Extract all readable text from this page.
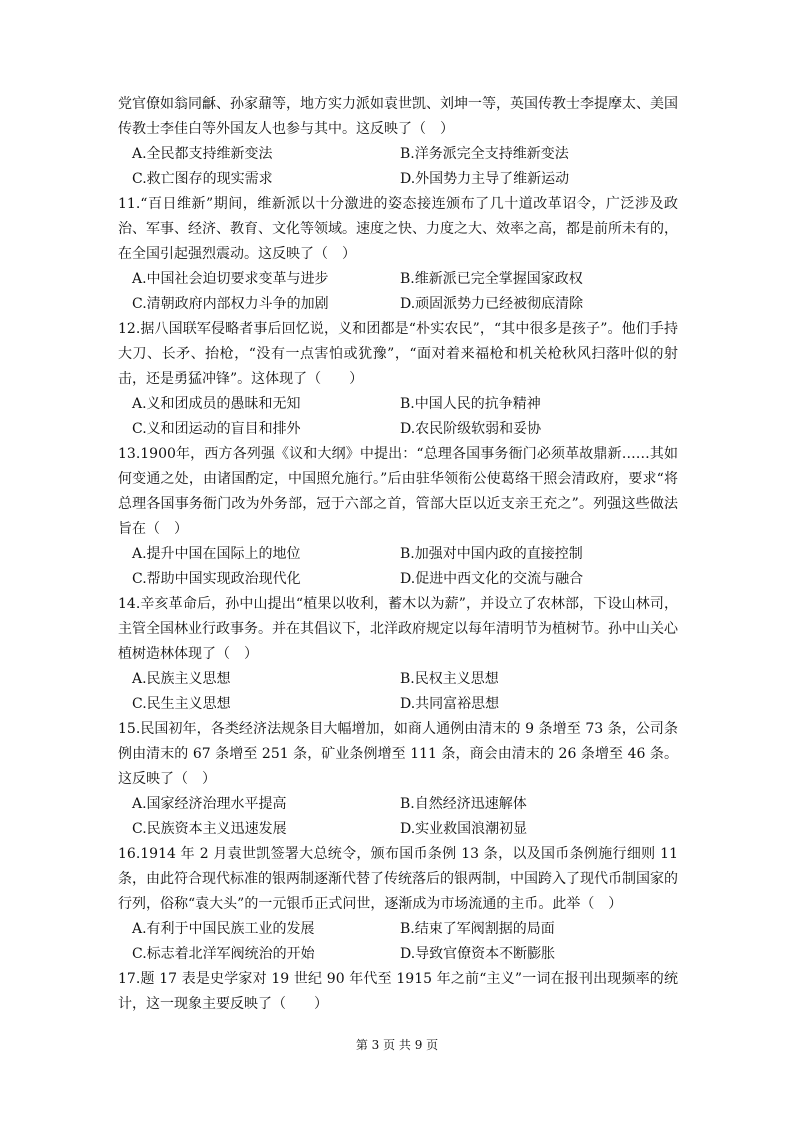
党官僚如翁同龢、孙家鼐等，地方实力派如袁世凯、刘坤一等，英国传教士李提摩太、美国传教士李佳白等外国友人也参与其中。这反映了（　）

A.全民都支持维新变法	B.洋务派完全支持维新变法
C.救亡图存的现实需求	D.外国势力主导了维新运动

11.“百日维新”期间，维新派以十分激进的姿态接连颁布了几十道改革诏令，广泛涉及政治、军事、经济、教育、文化等领域。速度之快、力度之大、效率之高，都是前所未有的，在全国引起强烈震动。这反映了（　）

A.中国社会迫切要求变革与进步	B.维新派已完全掌握国家政权
C.清朝政府内部权力斗争的加剧	D.顽固派势力已经被彻底清除

12.据八国联军侵略者事后回忆说，义和团都是“朴实农民”，“其中很多是孩子”。他们手持大刀、长矛、抬枪，“没有一点害怕或犹豫”，“面对着来福枪和机关枪秋风扫落叶似的射击，还是勇猛冲锋”。这体现了（　　）

A.义和团成员的愚昧和无知	B.中国人民的抗争精神
C.义和团运动的盲目和排外	D.农民阶级软弱和妥协

13.1900年，西方各列强《议和大纲》中提出：“总理各国事务衙门必须革故鼎新……其如何变通之处，由诸国酌定，中国照允施行。”后由驻华领衔公使葛络干照会清政府，要求“将总理各国事务衙门改为外务部，冠于六部之首，管部大臣以近支亲王充之”。列强这些做法旨在（　）

A.提升中国在国际上的地位	B.加强对中国内政的直接控制
C.帮助中国实现政治现代化	D.促进中西文化的交流与融合

14.辛亥革命后，孙中山提出“植果以收利，蓄木以为薪”，并设立了农林部，下设山林司，主管全国林业行政事务。并在其倡议下，北洋政府规定以每年清明节为植树节。孙中山关心植树造林体现了（　）

A.民族主义思想	B.民权主义思想
C.民生主义思想	D.共同富裕思想

15.民国初年，各类经济法规条目大幅增加，如商人通例由清末的 9 条增至 73 条，公司条例由清末的 67 条增至 251 条，矿业条例增至 111 条，商会由清末的 26 条增至 46 条。这反映了（　）

A.国家经济治理水平提高	B.自然经济迅速解体
C.民族资本主义迅速发展	D.实业救国浪潮初显

16.1914 年 2 月袁世凯签署大总统令，颁布国币条例 13 条，以及国币条例施行细则 11 条，由此符合现代标准的银两制逐渐代替了传统落后的银两制，中国跨入了现代币制国家的行列，俗称“袁大头”的一元银币正式问世，逐渐成为市场流通的主币。此举（　）

A.有利于中国民族工业的发展	B.结束了军阀割据的局面
C.标志着北洋军阀统治的开始	D.导致官僚资本不断膨胀

17.题 17 表是史学家对 19 世纪 90 年代至 1915 年之前“主义”一词在报刊出现频率的统计，这一现象主要反映了（　　）

第 3 页 共 9 页
